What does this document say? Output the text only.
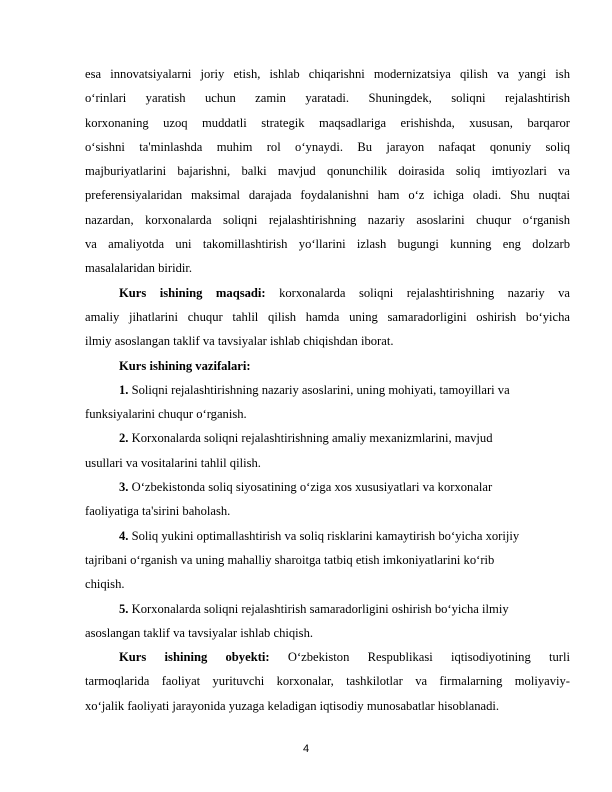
esa innovatsiyalarni joriy etish, ishlab chiqarishni modernizatsiya qilish va yangi ish
o‘rinlari yaratish uchun zamin yaratadi. Shuningdek, soliqni rejalashtirish
korxonaning uzoq muddatli strategik maqsadlariga erishishda, xususan, barqaror
o‘sishni ta'minlashda muhim rol o‘ynaydi. Bu jarayon nafaqat qonuniy soliq
majburiyatlarini bajarishni, balki mavjud qonunchilik doirasida soliq imtiyozlari va
preferensiyalaridan maksimal darajada foydalanishni ham o‘z ichiga oladi. Shu nuqtai
nazardan, korxonalarda soliqni rejalashtirishning nazariy asoslarini chuqur o‘rganish
va amaliyotda uni takomillashtirish yo‘llarini izlash bugungi kunning eng dolzarb
masalalaridan biridir.
Kurs ishining maqsadi: korxonalarda soliqni rejalashtirishning nazariy va
amaliy jihatlarini chuqur tahlil qilish hamda uning samaradorligini oshirish bo‘yicha
ilmiy asoslangan taklif va tavsiyalar ishlab chiqishdan iborat.
Kurs ishining vazifalari:
1. Soliqni rejalashtirishning nazariy asoslarini, uning mohiyati, tamoyillari va
funksiyalarini chuqur o‘rganish.
2. Korxonalarda soliqni rejalashtirishning amaliy mexanizmlarini, mavjud
usullari va vositalarini tahlil qilish.
3. O‘zbekistonda soliq siyosatining o‘ziga xos xususiyatlari va korxonalar
faoliyatiga ta'sirini baholash.
4. Soliq yukini optimallashtirish va soliq risklarini kamaytirish bo‘yicha xorijiy
tajribani o‘rganish va uning mahalliy sharoitga tatbiq etish imkoniyatlarini ko‘rib
chiqish.
5. Korxonalarda soliqni rejalashtirish samaradorligini oshirish bo‘yicha ilmiy
asoslangan taklif va tavsiyalar ishlab chiqish.
Kurs ishining obyekti: O‘zbekiston Respublikasi iqtisodiyotining turli
tarmoqlarida faoliyat yurituvchi korxonalar, tashkilotlar va firmalarning moliyaviy-
xo‘jalik faoliyati jarayonida yuzaga keladigan iqtisodiy munosabatlar hisoblanadi.
4
